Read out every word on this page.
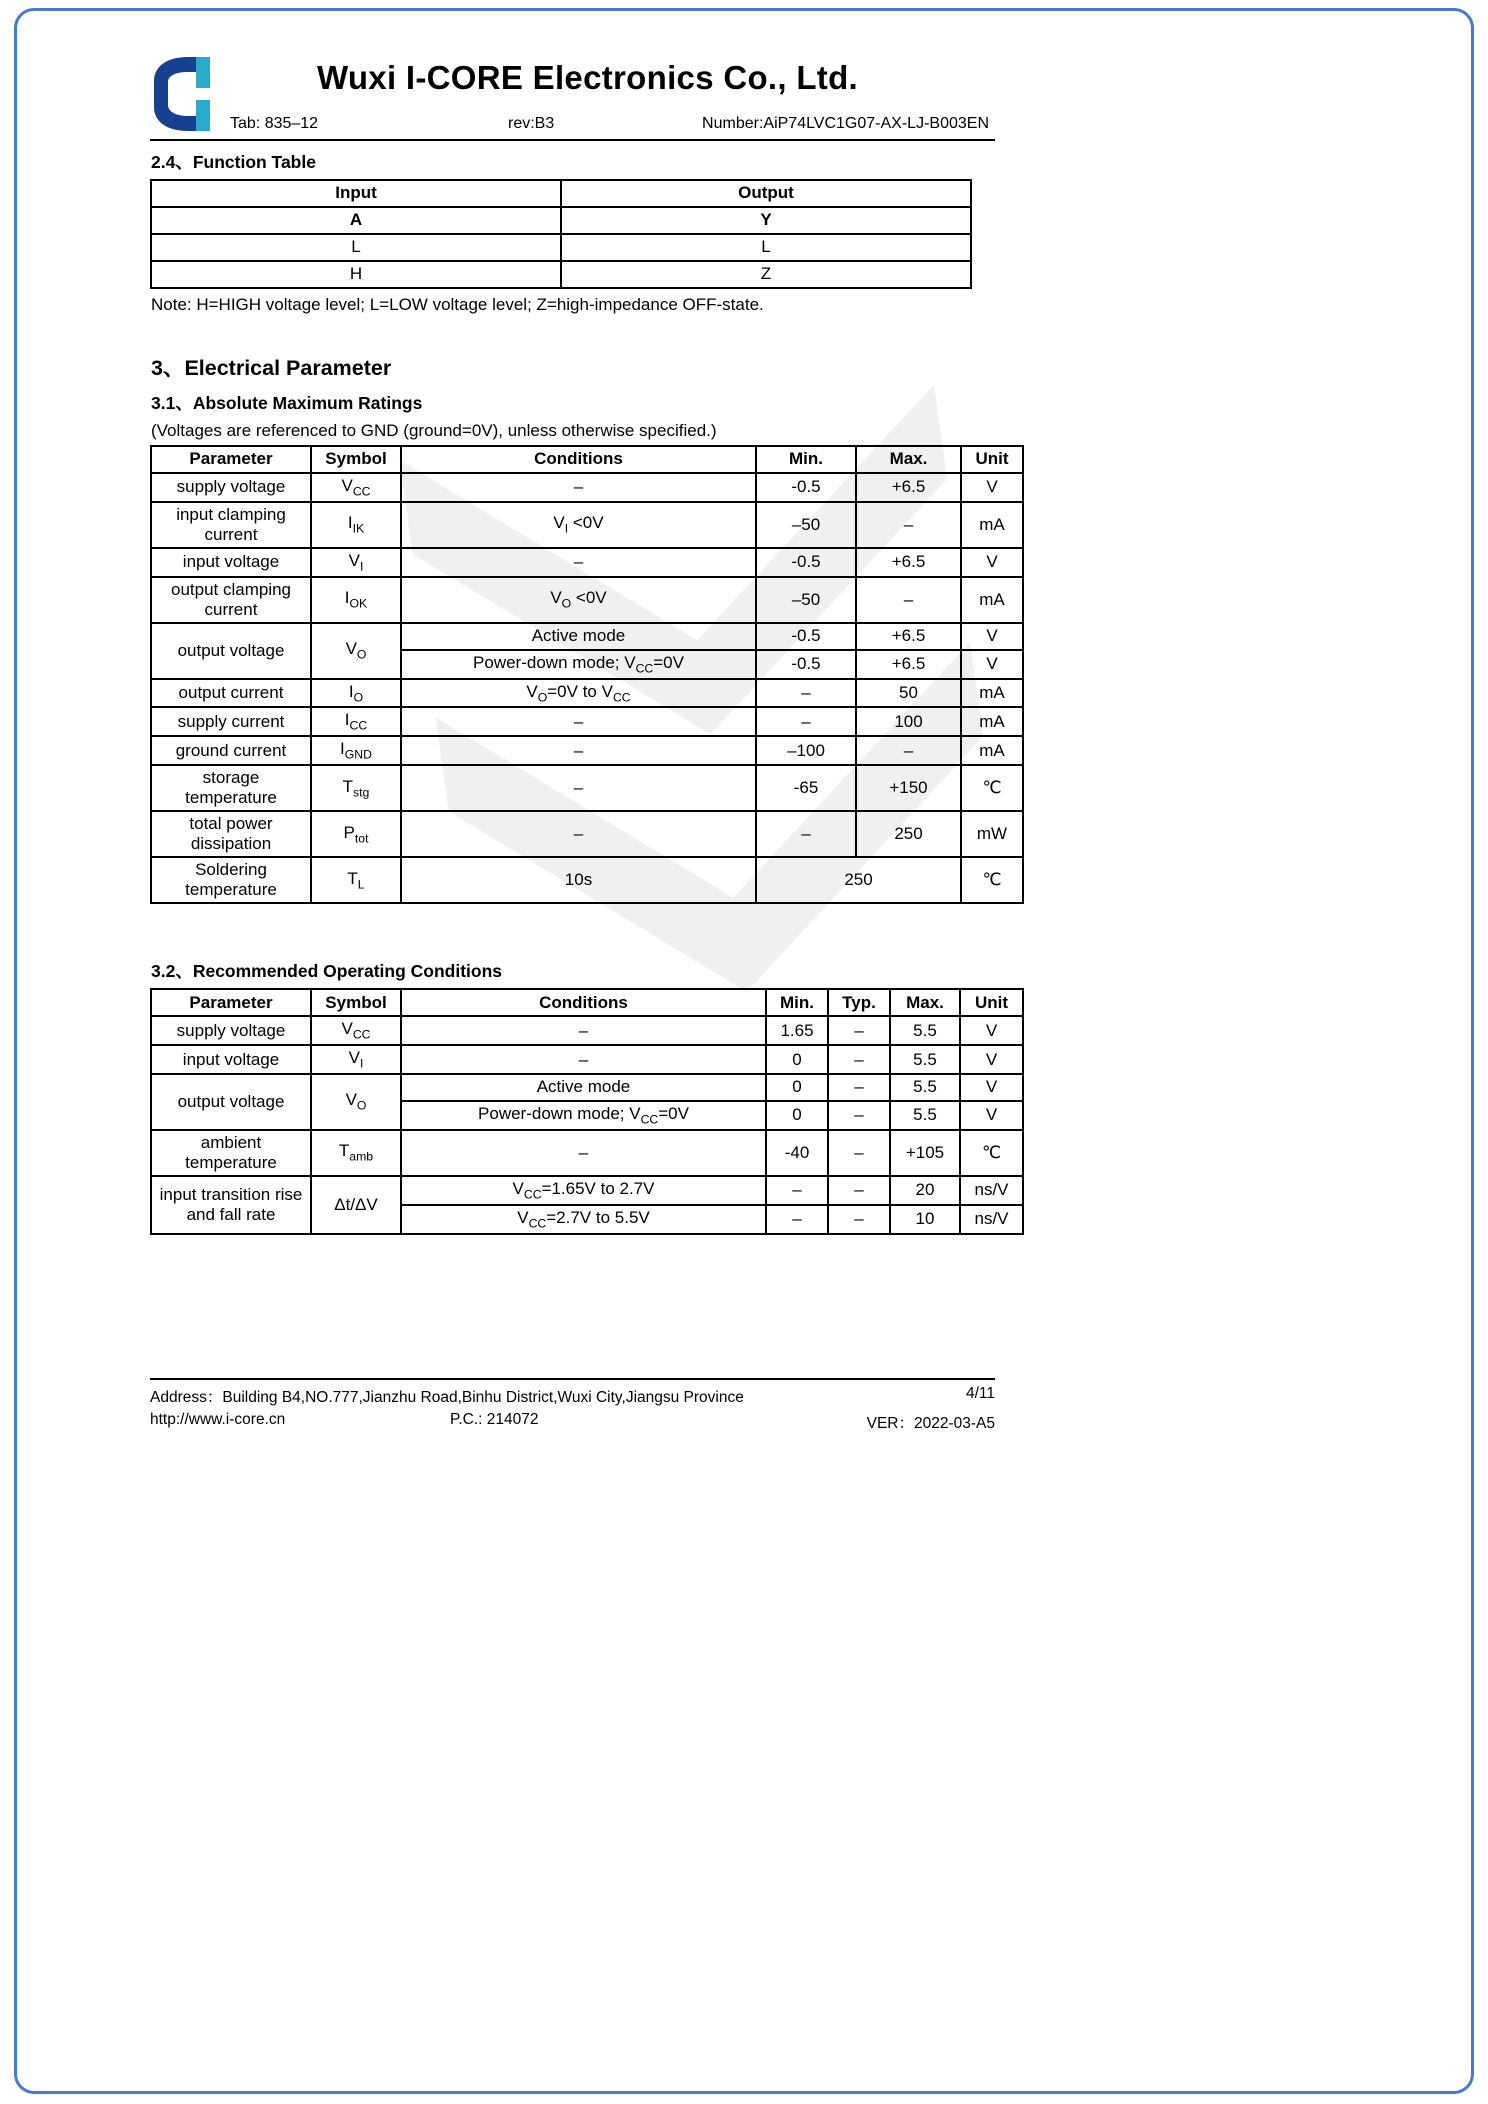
Wuxi I-CORE Electronics Co., Ltd.
Tab: 835–12	rev:B3	Number:AiP74LVC1G07-AX-LJ-B003EN
2.4、Function Table
Input	Output
A	Y
L	L
H	Z

Note: H=HIGH voltage level; L=LOW voltage level; Z=high-impedance OFF-state.

3、Electrical Parameter
3.1、Absolute Maximum Ratings

(Voltages are referenced to GND (ground=0V), unless otherwise specified.)

Parameter	Symbol	Conditions	Min.	Max.	Unit
supply voltage	$V_{CC}$	–	-0.5	+6.5	V
input clamping current	$I_{IK}$	$V_I <0V$	–50	–	mA
input voltage	$V_I$	–	-0.5	+6.5	V
output clamping current	$I_{OK}$	$V_O <0V$	–50	–	mA
output voltage	$V_O$	Active mode	-0.5	+6.5	V
		Power-down mode; $V_{CC}=0V$	-0.5	+6.5	V
output current	$I_O$	$V_O=0V$ to $V_{CC}$	–	50	mA
supply current	$I_{CC}$	–	–	100	mA
ground current	$I_{GND}$	–	–100	–	mA
storage temperature	$T_{stg}$	–	-65	+150	℃
total power dissipation	$P_{tot}$	–	–	250	mW
Soldering temperature	$T_L$	10s	250		℃
3.2、Recommended Operating Conditions
Parameter	Symbol	Conditions	Min.	Typ.	Max.	Unit
supply voltage	$V_{CC}$	–	1.65	–	5.5	V
input voltage	$V_I$	–	0	–	5.5	V
output voltage	$V_O$	Active mode	0	–	5.5	V
		Power-down mode; $V_{CC}=0V$	0	–	5.5	V
ambient temperature	$T_{amb}$	–	-40	–	+105	℃
input transition rise and fall rate	Δt/ΔV	$V_{CC}=1.65V$ to 2.7V	–	–	20	ns/V
		$V_{CC}=2.7V$ to 5.5V	–	–	10	ns/V
Address：Building B4,NO.777,Jianzhu Road,Binhu District,Wuxi City,Jiangsu Province	4/11
http://www.i-core.cn	P.C.: 214072	VER：2022-03-A5
